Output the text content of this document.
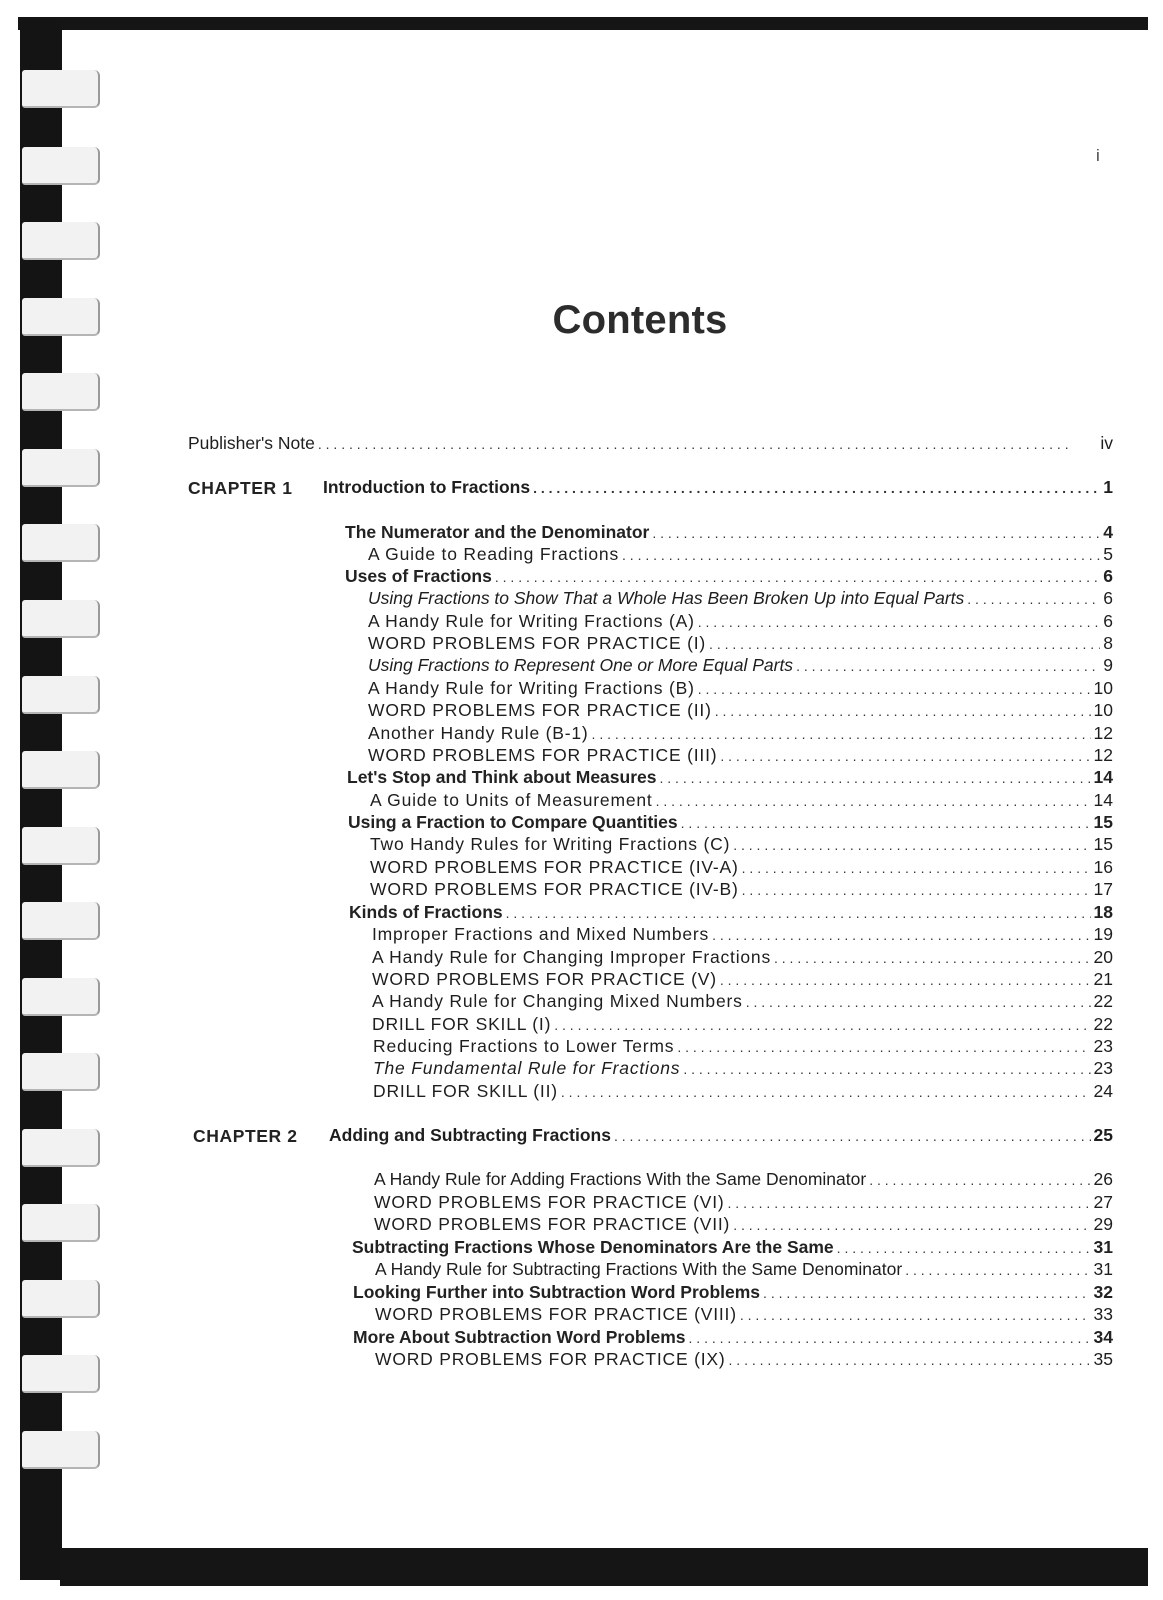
i
Contents
Publisher's Note . . .	iv
CHAPTER 1 Introduction to Fractions . . .	1
The Numerator and the Denominator . . .	4
A Guide to Reading Fractions . . .	5
Uses of Fractions . . .	6
Using Fractions to Show That a Whole Has Been Broken Up into Equal Parts . . .	6
A Handy Rule for Writing Fractions (A) . . .	6
WORD PROBLEMS FOR PRACTICE (I) . . .	8
Using Fractions to Represent One or More Equal Parts . . .	9
A Handy Rule for Writing Fractions (B) . . .	10
WORD PROBLEMS FOR PRACTICE (II) . . .	10
Another Handy Rule (B-1) . . .	12
WORD PROBLEMS FOR PRACTICE (III) . . .	12
Let's Stop and Think about Measures . . .	14
A Guide to Units of Measurement . . .	14
Using a Fraction to Compare Quantities . . .	15
Two Handy Rules for Writing Fractions (C) . . .	15
WORD PROBLEMS FOR PRACTICE (IV-A) . . .	16
WORD PROBLEMS FOR PRACTICE (IV-B) . . .	17
Kinds of Fractions . . .	18
Improper Fractions and Mixed Numbers . . .	19
A Handy Rule for Changing Improper Fractions . . .	20
WORD PROBLEMS FOR PRACTICE (V) . . .	21
A Handy Rule for Changing Mixed Numbers . . .	22
DRILL FOR SKILL (I) . . .	22
Reducing Fractions to Lower Terms . . .	23
The Fundamental Rule for Fractions . . .	23
DRILL FOR SKILL (II) . . .	24
CHAPTER 2 Adding and Subtracting Fractions . . .	25
A Handy Rule for Adding Fractions With the Same Denominator . . .	26
WORD PROBLEMS FOR PRACTICE (VI) . . .	27
WORD PROBLEMS FOR PRACTICE (VII) . . .	29
Subtracting Fractions Whose Denominators Are the Same . . .	31
A Handy Rule for Subtracting Fractions With the Same Denominator . . .	31
Looking Further into Subtraction Word Problems . . .	32
WORD PROBLEMS FOR PRACTICE (VIII) . . .	33
More About Subtraction Word Problems . . .	34
WORD PROBLEMS FOR PRACTICE (IX) . . .	35
